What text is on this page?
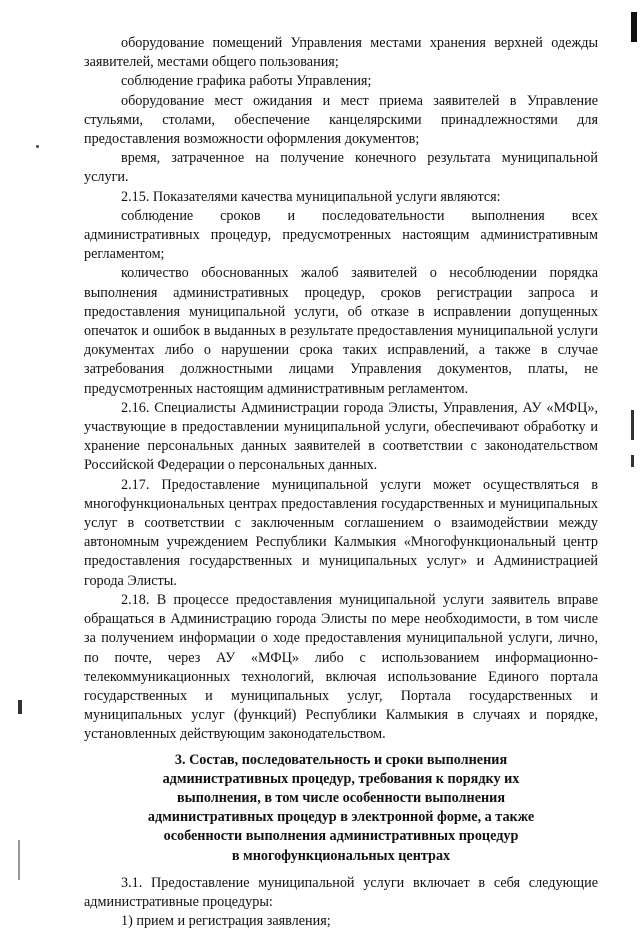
оборудование помещений Управления местами хранения верхней одежды заявителей, местами общего пользования;

соблюдение графика работы Управления;

оборудование мест ожидания и мест приема заявителей в Управление стульями, столами, обеспечение канцелярскими принадлежностями для предоставления возможности оформления документов;

время, затраченное на получение конечного результата муниципальной услуги.

2.15. Показателями качества муниципальной услуги являются:

соблюдение сроков и последовательности выполнения всех административных процедур, предусмотренных настоящим административным регламентом;

количество обоснованных жалоб заявителей о несоблюдении порядка выполнения административных процедур, сроков регистрации запроса и предоставления муниципальной услуги, об отказе в исправлении допущенных опечаток и ошибок в выданных в результате предоставления муниципальной услуги документах либо о нарушении срока таких исправлений, а также в случае затребования должностными лицами Управления документов, платы, не предусмотренных настоящим административным регламентом.

2.16. Специалисты Администрации города Элисты, Управления, АУ «МФЦ», участвующие в предоставлении муниципальной услуги, обеспечивают обработку и хранение персональных данных заявителей в соответствии с законодательством Российской Федерации о персональных данных.

2.17. Предоставление муниципальной услуги может осуществляться в многофункциональных центрах предоставления государственных и муниципальных услуг в соответствии с заключенным соглашением о взаимодействии между автономным учреждением Республики Калмыкия «Многофункциональный центр предоставления государственных и муниципальных услуг» и Администрацией города Элисты.

2.18. В процессе предоставления муниципальной услуги заявитель вправе обращаться в Администрацию города Элисты по мере необходимости, в том числе за получением информации о ходе предоставления муниципальной услуги, лично, по почте, через АУ «МФЦ» либо с использованием информационно-телекоммуникационных технологий, включая использование Единого портала государственных и муниципальных услуг, Портала государственных и муниципальных услуг (функций) Республики Калмыкия в случаях и порядке, установленных действующим законодательством.

3. Состав, последовательность и сроки выполнения
административных процедур, требования к порядку их
выполнения, в том числе особенности выполнения
административных процедур в электронной форме, а также
особенности выполнения административных процедур
в многофункциональных центрах

3.1. Предоставление муниципальной услуги включает в себя следующие административные процедуры:

1) прием и регистрация заявления;
